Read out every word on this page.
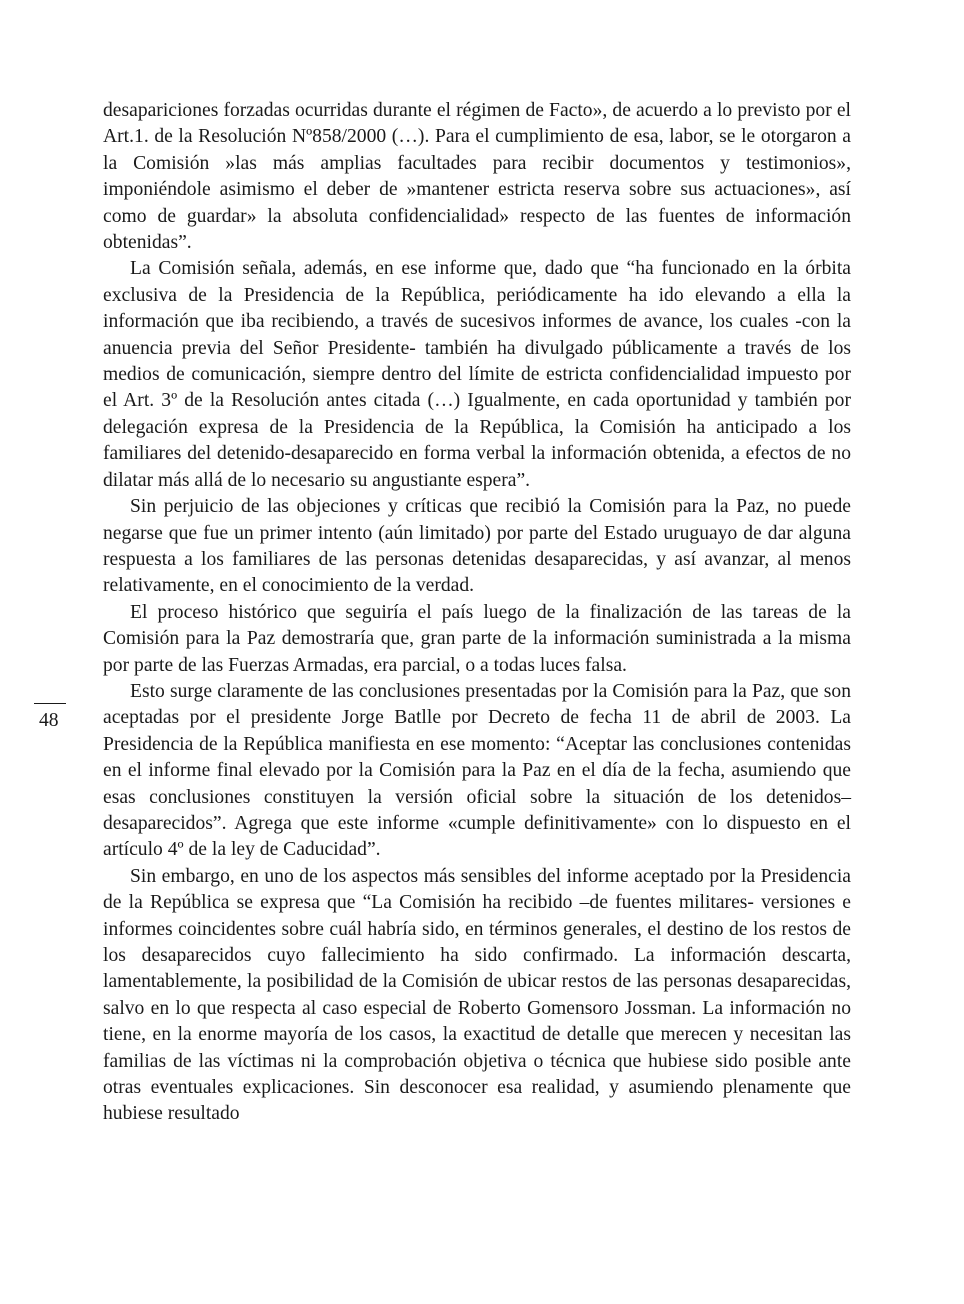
48

desapariciones forzadas ocurridas durante el régimen de Facto», de acuerdo a lo previsto por el Art.1. de la Resolución Nº858/2000 (…). Para el cumplimiento de esa, labor, se le otorgaron a la Comisión »las más amplias facultades para recibir documentos y testimonios», imponiéndole asimismo el deber de »mantener estricta reserva sobre sus actuaciones», así como de guardar» la absoluta confidencialidad» respecto de las fuentes de información obtenidas”.

La Comisión señala, además, en ese informe que, dado que “ha funcionado en la órbita exclusiva de la Presidencia de la República, periódicamente ha ido elevando a ella la información que iba recibiendo, a través de sucesivos informes de avance, los cuales -con la anuencia previa del Señor Presidente- también ha divulgado públicamente a través de los medios de comunicación, siempre dentro del límite de estricta confidencialidad impuesto por el Art. 3º de la Resolución antes citada (…) Igualmente, en cada oportunidad y también por delegación expresa de la Presidencia de la República, la Comisión ha anticipado a los familiares del detenido-desaparecido en forma verbal la información obtenida, a efectos de no dilatar más allá de lo necesario su angustiante espera”.

Sin perjuicio de las objeciones y críticas que recibió la Comisión para la Paz, no puede negarse que fue un primer intento (aún limitado) por parte del Estado uruguayo de dar alguna respuesta a los familiares de las personas detenidas desaparecidas, y así avanzar, al menos relativamente, en el conocimiento de la verdad.

El proceso histórico que seguiría el país luego de la finalización de las tareas de la Comisión para la Paz demostraría que, gran parte de la información suministrada a la misma por parte de las Fuerzas Armadas, era parcial, o a todas luces falsa.

Esto surge claramente de las conclusiones presentadas por la Comisión para la Paz, que son aceptadas por el presidente Jorge Batlle por Decreto de fecha 11 de abril de 2003. La Presidencia de la República manifiesta en ese momento: “Aceptar las conclusiones contenidas en el informe final elevado por la Comisión para la Paz en el día de la fecha, asumiendo que esas conclusiones constituyen la versión oficial sobre la situación de los detenidos–desaparecidos”. Agrega que este informe «cumple definitivamente» con lo dispuesto en el artículo 4º de la ley de Caducidad”.

Sin embargo, en uno de los aspectos más sensibles del informe aceptado por la Presidencia de la República se expresa que “La Comisión ha recibido –de fuentes militares- versiones e informes coincidentes sobre cuál habría sido, en términos generales, el destino de los restos de los desaparecidos cuyo fallecimiento ha sido confirmado. La información descarta, lamentablemente, la posibilidad de la Comisión de ubicar restos de las personas desaparecidas, salvo en lo que respecta al caso especial de Roberto Gomensoro Jossman. La información no tiene, en la enorme mayoría de los casos, la exactitud de detalle que merecen y necesitan las familias de las víctimas ni la comprobación objetiva o técnica que hubiese sido posible ante otras eventuales explicaciones. Sin desconocer esa realidad, y asumiendo plenamente que hubiese resultado
